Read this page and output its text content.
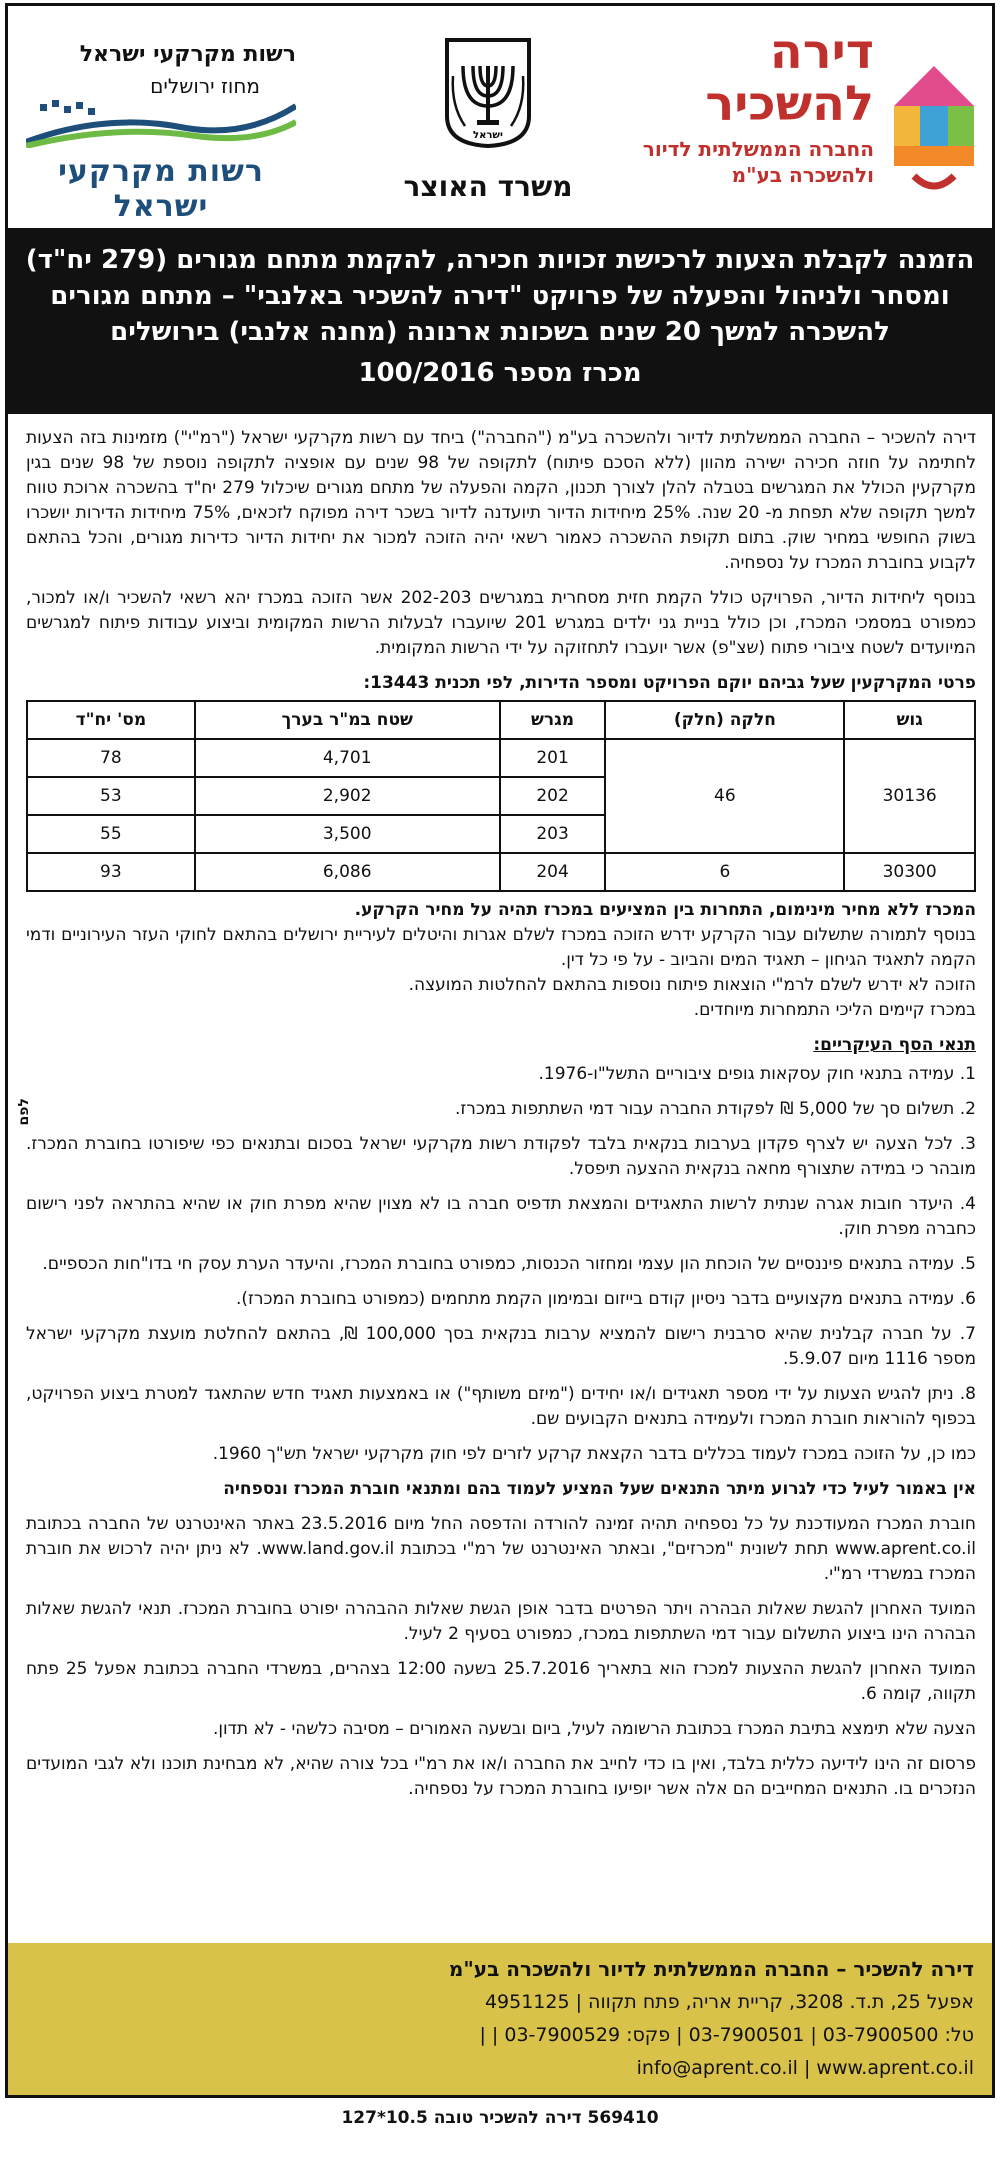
דירה
להשכיר
החברה הממשלתית לדיור
ולהשכרה בע"מ
ישראל
משרד האוצר
רשות מקרקעי ישראל
מחוז ירושלים
רשות מקרקעי ישראל

הזמנה לקבלת הצעות לרכישת זכויות חכירה, להקמת מתחם מגורים (279 יח"ד)

ומסחר ולניהול והפעלה של פרויקט "דירה להשכיר באלנבי" – מתחם מגורים

להשכרה למשך 20 שנים בשכונת ארנונה (מחנה אלנבי) בירושלים

מכרז מספר 100/2016

דירה להשכיר – החברה הממשלתית לדיור ולהשכרה בע"מ ("החברה") ביחד עם רשות מקרקעי ישראל ("רמ"י") מזמינות בזה הצעות לחתימה על חוזה חכירה ישירה מהוון (ללא הסכם פיתוח) לתקופה של 98 שנים עם אופציה לתקופה נוספת של 98 שנים בגין מקרקעין הכולל את המגרשים בטבלה להלן לצורך תכנון, הקמה והפעלה של מתחם מגורים שיכלול 279 יח"ד בהשכרה ארוכת טווח למשך תקופה שלא תפחת מ- 20 שנה. 25% מיחידות הדיור תיועדנה לדיור בשכר דירה מפוקח לזכאים, 75% מיחידות הדירות יושכרו בשוק החופשי במחיר שוק. בתום תקופת ההשכרה כאמור רשאי יהיה הזוכה למכור את יחידות הדיור כדירות מגורים, והכל בהתאם לקבוע בחוברת המכרז על נספחיה.

בנוסף ליחידות הדיור, הפרויקט כולל הקמת חזית מסחרית במגרשים 202-203 אשר הזוכה במכרז יהא רשאי להשכיר ו/או למכור, כמפורט במסמכי המכרז, וכן כולל בניית גני ילדים במגרש 201 שיועברו לבעלות הרשות המקומית וביצוע עבודות פיתוח למגרשים המיועדים לשטח ציבורי פתוח (שצ"פ) אשר יועברו לתחזוקה על ידי הרשות המקומית.

פרטי המקרקעין שעל גביהם יוקם הפרויקט ומספר הדירות, לפי תכנית 13443:
גוש	חלקה (חלק)	מגרש	שטח במ"ר בערך	מס' יח"ד
30136	46	201	4,701	78
		202	2,902	53
		203	3,500	55
30300	6	204	6,086	93
המכרז ללא מחיר מינימום, התחרות בין המציעים במכרז תהיה על מחיר הקרקע.

בנוסף לתמורה שתשלום עבור הקרקע ידרש הזוכה במכרז לשלם אגרות והיטלים לעיריית ירושלים בהתאם לחוקי העזר העירוניים ודמי הקמה לתאגיד הגיחון – תאגיד המים והביוב - על פי כל דין.

הזוכה לא ידרש לשלם לרמ"י הוצאות פיתוח נוספות בהתאם להחלטות המועצה.

במכרז קיימים הליכי התמחרות מיוחדים.

תנאי הסף העיקריים:

1. עמידה בתנאי חוק עסקאות גופים ציבוריים התשל"ו-1976.

2. תשלום סך של 5,000 ₪ לפקודת החברה עבור דמי השתתפות במכרז.

3. לכל הצעה יש לצרף פקדון בערבות בנקאית בלבד לפקודת רשות מקרקעי ישראל בסכום ובתנאים כפי שיפורטו בחוברת המכרז. מובהר כי במידה שתצורף מחאה בנקאית ההצעה תיפסל.

4. היעדר חובות אגרה שנתית לרשות התאגידים והמצאת תדפיס חברה בו לא מצוין שהיא מפרת חוק או שהיא בהתראה לפני רישום כחברה מפרת חוק.

5. עמידה בתנאים פיננסיים של הוכחת הון עצמי ומחזור הכנסות, כמפורט בחוברת המכרז, והיעדר הערת עסק חי בדו"חות הכספיים.

6. עמידה בתנאים מקצועיים בדבר ניסיון קודם בייזום ובמימון הקמת מתחמים (כמפורט בחוברת המכרז).

7. על חברה קבלנית שהיא סרבנית רישום להמציא ערבות בנקאית בסך 100,000 ₪, בהתאם להחלטת מועצת מקרקעי ישראל מספר 1116 מיום 5.9.07.

8. ניתן להגיש הצעות על ידי מספר תאגידים ו/או יחידים ("מיזם משותף") או באמצעות תאגיד חדש שהתאגד למטרת ביצוע הפרויקט, בכפוף להוראות חוברת המכרז ולעמידה בתנאים הקבועים שם.

כמו כן, על הזוכה במכרז לעמוד בכללים בדבר הקצאת קרקע לזרים לפי חוק מקרקעי ישראל תש"ך 1960.

אין באמור לעיל כדי לגרוע מיתר התנאים שעל המציע לעמוד בהם ומתנאי חוברת המכרז ונספחיה

חוברת המכרז המעודכנת על כל נספחיה תהיה זמינה להורדה והדפסה החל מיום 23.5.2016 באתר האינטרנט של החברה בכתובת www.aprent.co.il תחת לשונית "מכרזים", ובאתר האינטרנט של רמ"י בכתובת www.land.gov.il. לא ניתן יהיה לרכוש את חוברת המכרז במשרדי רמ"י.

המועד האחרון להגשת שאלות הבהרה ויתר הפרטים בדבר אופן הגשת שאלות ההבהרה יפורט בחוברת המכרז. תנאי להגשת שאלות הבהרה הינו ביצוע התשלום עבור דמי השתתפות במכרז, כמפורט בסעיף 2 לעיל.

המועד האחרון להגשת ההצעות למכרז הוא בתאריך 25.7.2016 בשעה 12:00 בצהרים, במשרדי החברה בכתובת אפעל 25 פתח תקווה, קומה 6.

הצעה שלא תימצא בתיבת המכרז בכתובת הרשומה לעיל, ביום ובשעה האמורים – מסיבה כלשהי - לא תדון.

פרסום זה הינו לידיעה כללית בלבד, ואין בו כדי לחייב את החברה ו/או את רמ"י בכל צורה שהיא, לא מבחינת תוכנו ולא לגבי המועדים הנזכרים בו. התנאים המחייבים הם אלה אשר יופיעו בחוברת המכרז על נספחיה.

לפם

דירה להשכיר – החברה הממשלתית לדיור ולהשכרה בע"מ

אפעל 25, ת.ד. 3208, קריית אריה, פתח תקווה | 4951125

טל: 03-7900500 | 03-7900501 | פקס: 03-7900529 | |

info@aprent.co.il | www.aprent.co.il

569410 דירה להשכיר טובה 10.5*127
